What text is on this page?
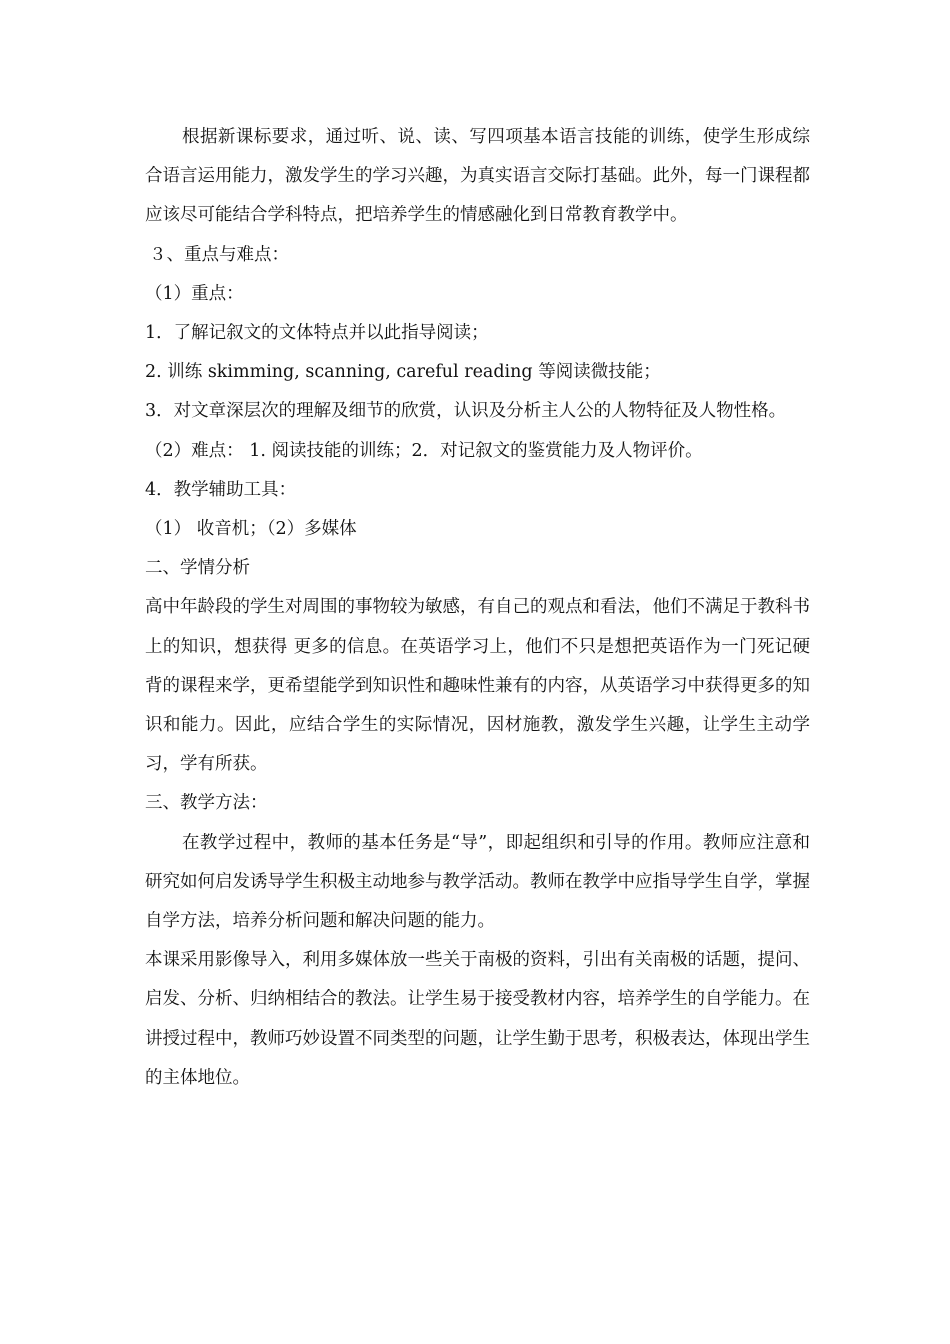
根据新课标要求，通过听、说、读、写四项基本语言技能的训练，使学生形成综合语言运用能力，激发学生的学习兴趣，为真实语言交际打基础。此外，每一门课程都应该尽可能结合学科特点，把培养学生的情感融化到日常教育教学中。

３、重点与难点：

（1）重点：

1．了解记叙文的文体特点并以此指导阅读；

2. 训练 skimming, scanning, careful reading 等阅读微技能；

3．对文章深层次的理解及细节的欣赏，认识及分析主人公的人物特征及人物性格。

（2）难点： 1. 阅读技能的训练；2．对记叙文的鉴赏能力及人物评价。

4．教学辅助工具：

（1） 收音机；（2）多媒体

二、学情分析

高中年龄段的学生对周围的事物较为敏感，有自己的观点和看法，他们不满足于教科书上的知识，想获得 更多的信息。在英语学习上，他们不只是想把英语作为一门死记硬背的课程来学，更希望能学到知识性和趣味性兼有的内容，从英语学习中获得更多的知识和能力。因此，应结合学生的实际情况，因材施教，激发学生兴趣，让学生主动学习，学有所获。

三、教学方法：

在教学过程中，教师的基本任务是“导”，即起组织和引导的作用。教师应注意和研究如何启发诱导学生积极主动地参与教学活动。教师在教学中应指导学生自学，掌握自学方法，培养分析问题和解决问题的能力。

本课采用影像导入，利用多媒体放一些关于南极的资料，引出有关南极的话题，提问、启发、分析、归纳相结合的教法。让学生易于接受教材内容，培养学生的自学能力。在讲授过程中，教师巧妙设置不同类型的问题，让学生勤于思考，积极表达，体现出学生的主体地位。
